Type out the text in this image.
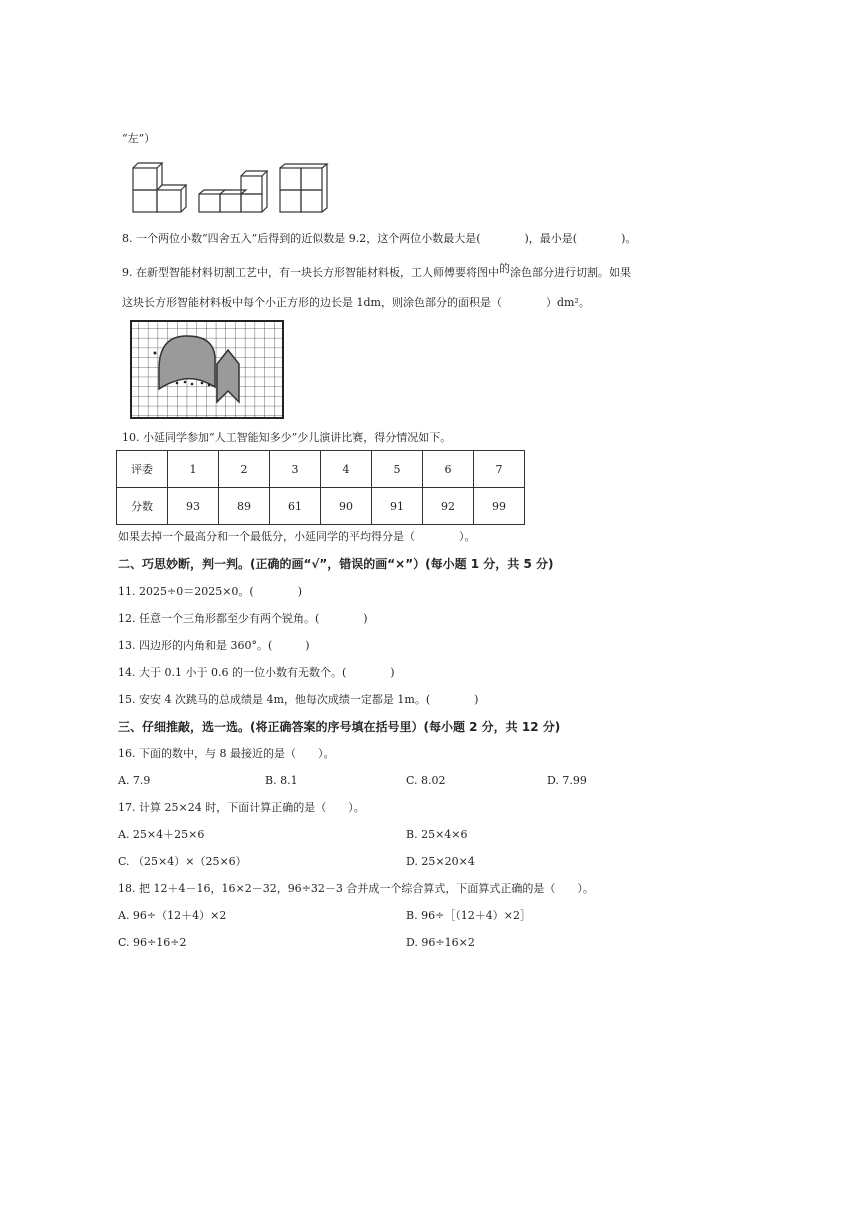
“左”）
8. 一个两位小数“四舍五入”后得到的近似数是 9.2，这个两位小数最大是(　　　　)，最小是(　　　　)。
9. 在新型智能材料切割工艺中，有一块长方形智能材料板，工人师傅要将图中的涂色部分进行切割。如果
这块长方形智能材料板中每个小正方形的边长是 1dm，则涂色部分的面积是（　　　　）dm²。
10. 小延同学参加“人工智能知多少”少儿演讲比赛，得分情况如下。
评委	1	2	3	4	5	6	7
分数	93	89	61	90	91	92	99
如果去掉一个最高分和一个最低分，小延同学的平均得分是（　　　　）。
二、巧思妙断，判一判。(正确的画“√”，错误的画“×”）(每小题 1 分，共 5 分)
11. 2025÷0＝2025×0。(　　　　)
12. 任意一个三角形都至少有两个锐角。(　　　　)
13. 四边形的内角和是 360°。(　　　)
14. 大于 0.1 小于 0.6 的一位小数有无数个。(　　　　)
15. 安安 4 次跳马的总成绩是 4m，他每次成绩一定都是 1m。(　　　　)
三、仔细推敲，选一选。(将正确答案的序号填在括号里）(每小题 2 分，共 12 分)
16. 下面的数中，与 8 最接近的是（　　）。
A. 7.9	B. 8.1	C. 8.02	D. 7.99
17. 计算 25×24 时，下面计算正确的是（　　）。
A. 25×4＋25×6	B. 25×4×6
C. （25×4）×（25×6）	D. 25×20×4
18. 把 12＋4－16，16×2－32，96÷32－3 合并成一个综合算式，下面算式正确的是（　　）。
A. 96÷（12＋4）×2	B. 96÷［（12＋4）×2］
C. 96÷16÷2	D. 96÷16×2
